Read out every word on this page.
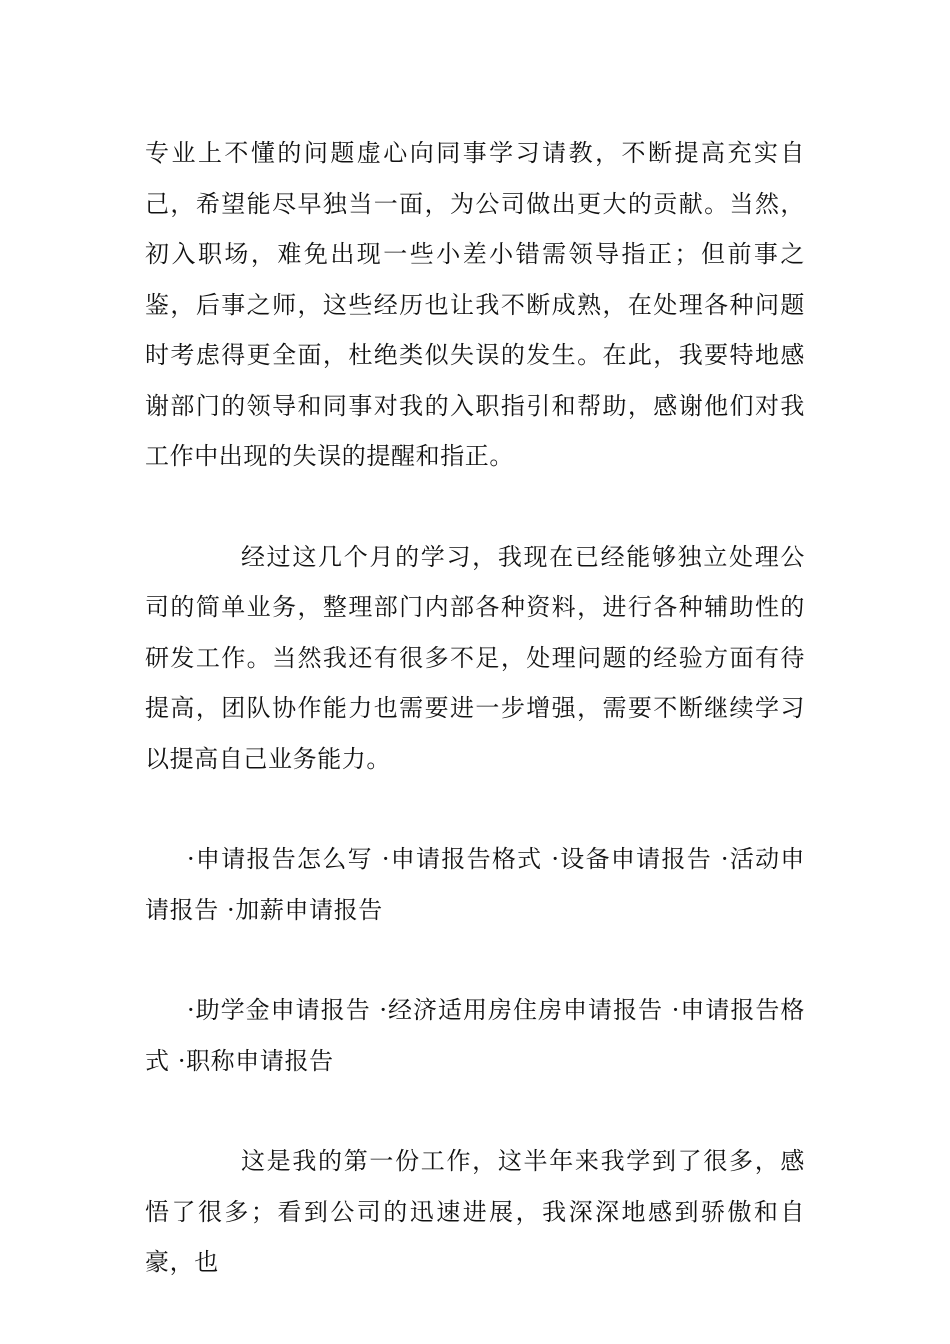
专业上不懂的问题虚心向同事学习请教，不断提高充实自己，希望能尽早独当一面，为公司做出更大的贡献。当然，初入职场，难免出现一些小差小错需领导指正；但前事之鉴，后事之师，这些经历也让我不断成熟，在处理各种问题时考虑得更全面，杜绝类似失误的发生。在此，我要特地感谢部门的领导和同事对我的入职指引和帮助，感谢他们对我工作中出现的失误的提醒和指正。

经过这几个月的学习，我现在已经能够独立处理公司的简单业务，整理部门内部各种资料，进行各种辅助性的研发工作。当然我还有很多不足，处理问题的经验方面有待提高，团队协作能力也需要进一步增强，需要不断继续学习以提高自己业务能力。

·申请报告怎么写 ·申请报告格式 ·设备申请报告 ·活动申请报告 ·加薪申请报告

·助学金申请报告 ·经济适用房住房申请报告 ·申请报告格式 ·职称申请报告

这是我的第一份工作，这半年来我学到了很多，感悟了很多；看到公司的迅速进展，我深深地感到骄傲和自豪，也
